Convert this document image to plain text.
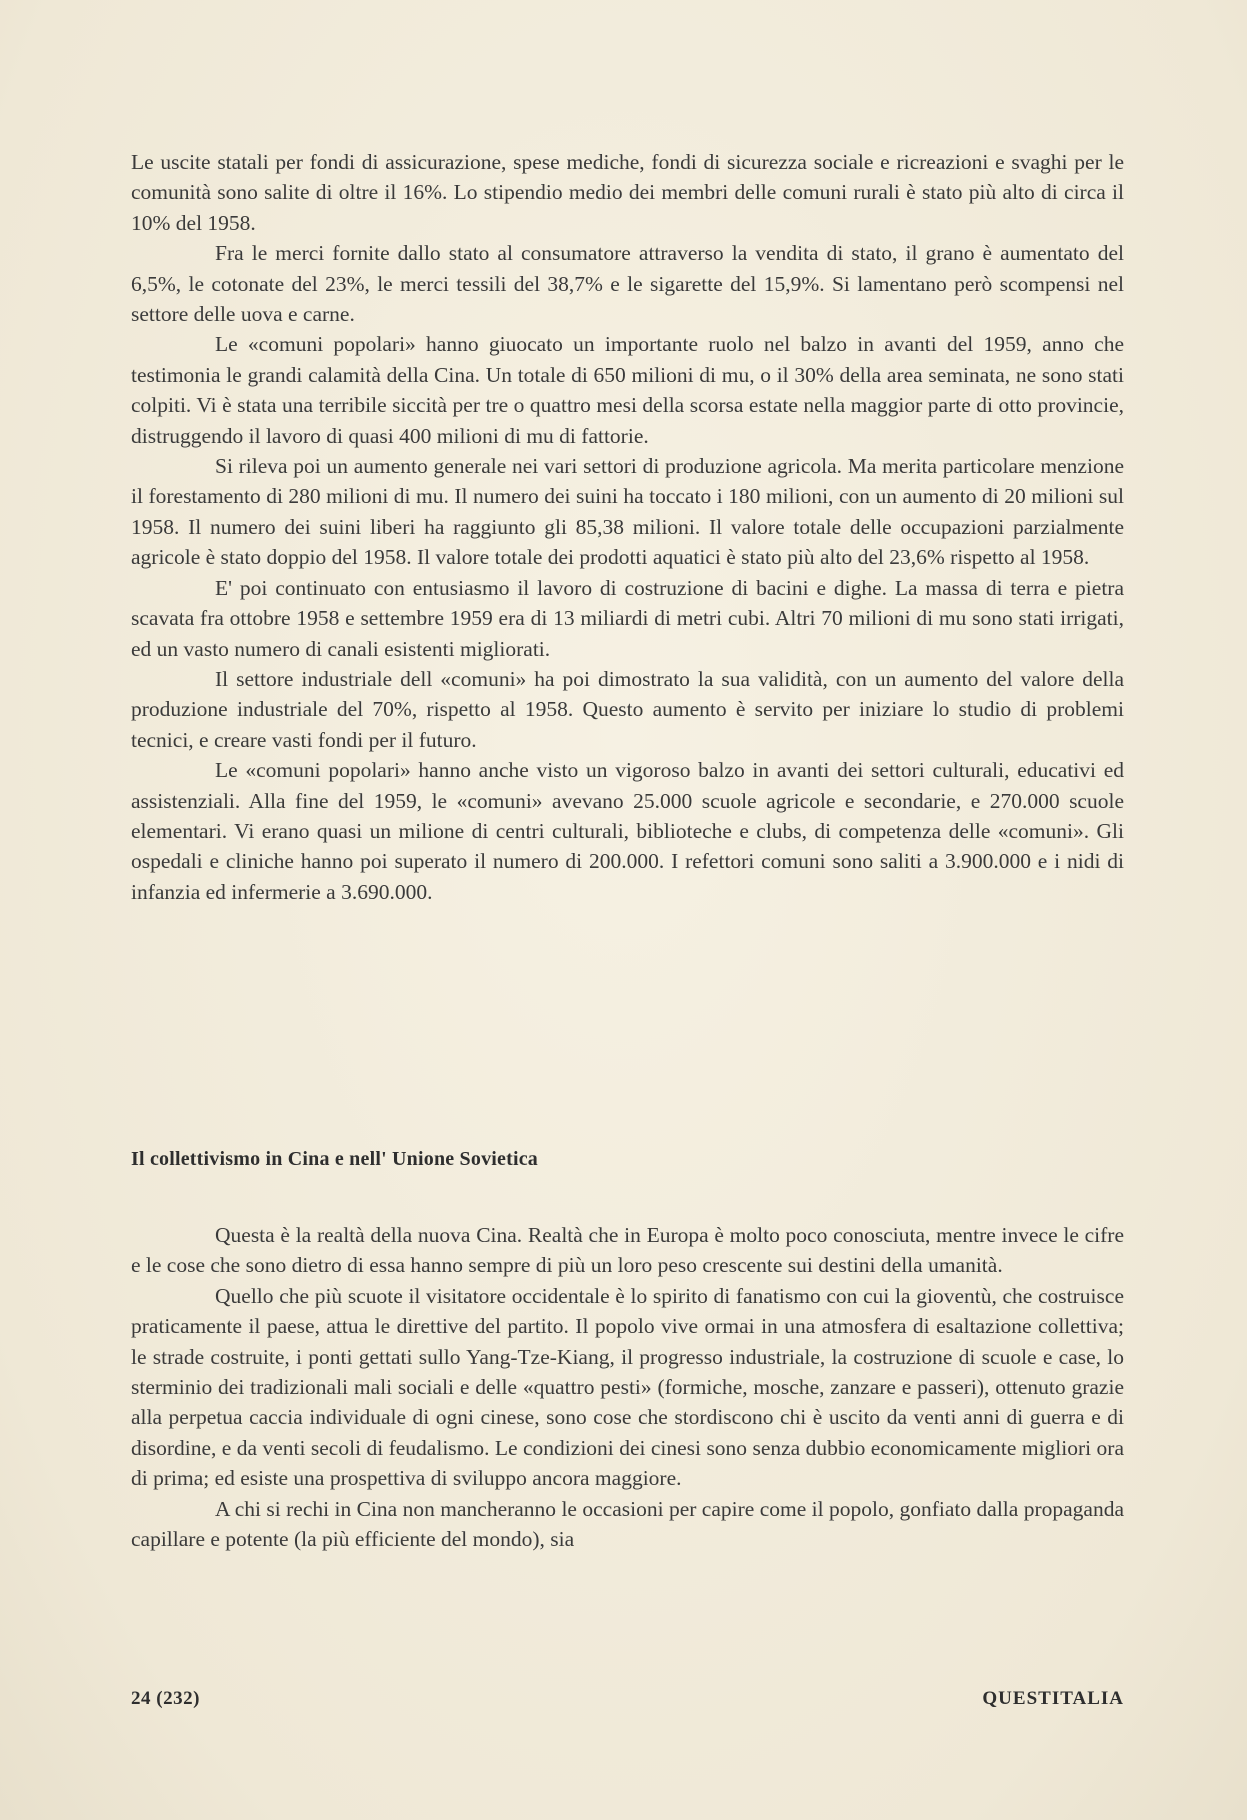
Le uscite statali per fondi di assicurazione, spese mediche, fondi di sicurezza sociale e ricreazioni e svaghi per le comunità sono salite di oltre il 16%. Lo stipendio medio dei membri delle comuni rurali è stato più alto di circa il 10% del 1958.

Fra le merci fornite dallo stato al consumatore attraverso la vendita di stato, il grano è aumentato del 6,5%, le cotonate del 23%, le merci tessili del 38,7% e le sigarette del 15,9%. Si lamentano però scompensi nel settore delle uova e carne.

Le «comuni popolari» hanno giuocato un importante ruolo nel balzo in avanti del 1959, anno che testimonia le grandi calamità della Cina. Un totale di 650 milioni di mu, o il 30% della area seminata, ne sono stati colpiti. Vi è stata una terribile siccità per tre o quattro mesi della scorsa estate nella maggior parte di otto provincie, distruggendo il lavoro di quasi 400 milioni di mu di fattorie.

Si rileva poi un aumento generale nei vari settori di produzione agricola. Ma merita particolare menzione il forestamento di 280 milioni di mu. Il numero dei suini ha toccato i 180 milioni, con un aumento di 20 milioni sul 1958. Il numero dei suini liberi ha raggiunto gli 85,38 milioni. Il valore totale delle occupazioni parzialmente agricole è stato doppio del 1958. Il valore totale dei prodotti aquatici è stato più alto del 23,6% rispetto al 1958.

E' poi continuato con entusiasmo il lavoro di costruzione di bacini e dighe. La massa di terra e pietra scavata fra ottobre 1958 e settembre 1959 era di 13 miliardi di metri cubi. Altri 70 milioni di mu sono stati irrigati, ed un vasto numero di canali esistenti migliorati.

Il settore industriale dell «comuni» ha poi dimostrato la sua validità, con un aumento del valore della produzione industriale del 70%, rispetto al 1958. Questo aumento è servito per iniziare lo studio di problemi tecnici, e creare vasti fondi per il futuro.

Le «comuni popolari» hanno anche visto un vigoroso balzo in avanti dei settori culturali, educativi ed assistenziali. Alla fine del 1959, le «comuni» avevano 25.000 scuole agricole e secondarie, e 270.000 scuole elementari. Vi erano quasi un milione di centri culturali, biblioteche e clubs, di competenza delle «comuni». Gli ospedali e cliniche hanno poi superato il numero di 200.000. I refettori comuni sono saliti a 3.900.000 e i nidi di infanzia ed infermerie a 3.690.000.

Il collettivismo in Cina e nell' Unione Sovietica

Questa è la realtà della nuova Cina. Realtà che in Europa è molto poco conosciuta, mentre invece le cifre e le cose che sono dietro di essa hanno sempre di più un loro peso crescente sui destini della umanità.

Quello che più scuote il visitatore occidentale è lo spirito di fanatismo con cui la gioventù, che costruisce praticamente il paese, attua le direttive del partito. Il popolo vive ormai in una atmosfera di esaltazione collettiva; le strade costruite, i ponti gettati sullo Yang-Tze-Kiang, il progresso industriale, la costruzione di scuole e case, lo sterminio dei tradizionali mali sociali e delle «quattro pesti» (formiche, mosche, zanzare e passeri), ottenuto grazie alla perpetua caccia individuale di ogni cinese, sono cose che stordiscono chi è uscito da venti anni di guerra e di disordine, e da venti secoli di feudalismo. Le condizioni dei cinesi sono senza dubbio economicamente migliori ora di prima; ed esiste una prospettiva di sviluppo ancora maggiore.

A chi si rechi in Cina non mancheranno le occasioni per capire come il popolo, gonfiato dalla propaganda capillare e potente (la più efficiente del mondo), sia

24 (232)	QUESTITALIA
